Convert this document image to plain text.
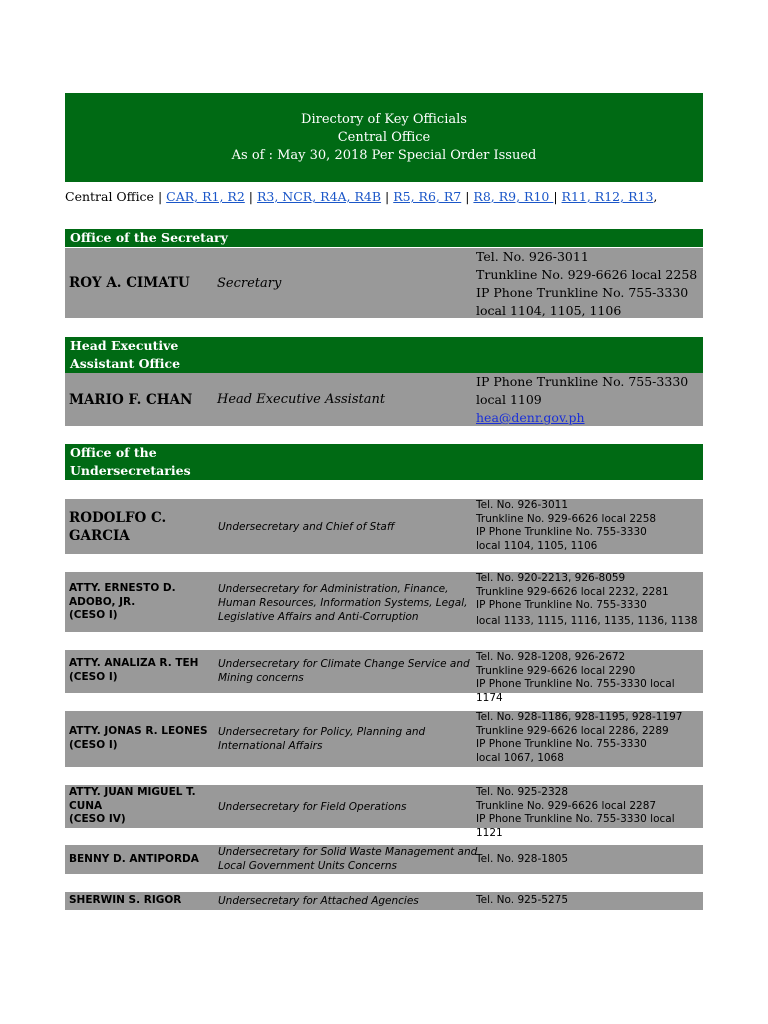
Directory of Key Officials
Central Office
As of : May 30, 2018 Per Special Order Issued
Central Office | CAR, R1, R2 | R3, NCR, R4A, R4B | R5, R6, R7 | R8, R9, R10 | R11, R12, R13,
Office of the Secretary
ROY A. CIMATU Secretary
Tel. No. 926-3011
Trunkline No. 929-6626 local 2258
IP Phone Trunkline No. 755-3330
local 1104, 1105, 1106
Head Executive
Assistant Office
MARIO F. CHAN Head Executive Assistant
IP Phone Trunkline No. 755-3330
local 1109
hea@denr.gov.ph
Office of the
Undersecretaries
RODOLFO C.
GARCIA
Undersecretary and Chief of Staff
Tel. No. 926-3011
Trunkline No. 929-6626 local 2258
IP Phone Trunkline No. 755-3330
local 1104, 1105, 1106
ATTY. ERNESTO D.
ADOBO, JR.
(CESO I)
Undersecretary for Administration, Finance,
Human Resources, Information Systems, Legal,
Legislative Affairs and Anti-Corruption
Tel. No. 920-2213, 926-8059
Trunkline 929-6626 local 2232, 2281
IP Phone Trunkline No. 755-3330
local 1133, 1115, 1116, 1135, 1136, 1138
ATTY. ANALIZA R. TEH
(CESO I)
Undersecretary for Climate Change Service and
Mining concerns
Tel. No. 928-1208, 926-2672
Trunkline 929-6626 local 2290
IP Phone Trunkline No. 755-3330 local 1174
ATTY. JONAS R. LEONES
(CESO I)
Undersecretary for Policy, Planning and
International Affairs
Tel. No. 928-1186, 928-1195, 928-1197
Trunkline 929-6626 local 2286, 2289
IP Phone Trunkline No. 755-3330
local 1067, 1068
ATTY. JUAN MIGUEL T.
CUNA
(CESO IV)
Undersecretary for Field Operations
Tel. No. 925-2328
Trunkline No. 929-6626 local 2287
IP Phone Trunkline No. 755-3330 local 1121
BENNY D. ANTIPORDA
Undersecretary for Solid Waste Management and
Local Government Units Concerns
Tel. No. 928-1805
SHERWIN S. RIGOR	Undersecretary for Attached Agencies	Tel. No. 925-5275
